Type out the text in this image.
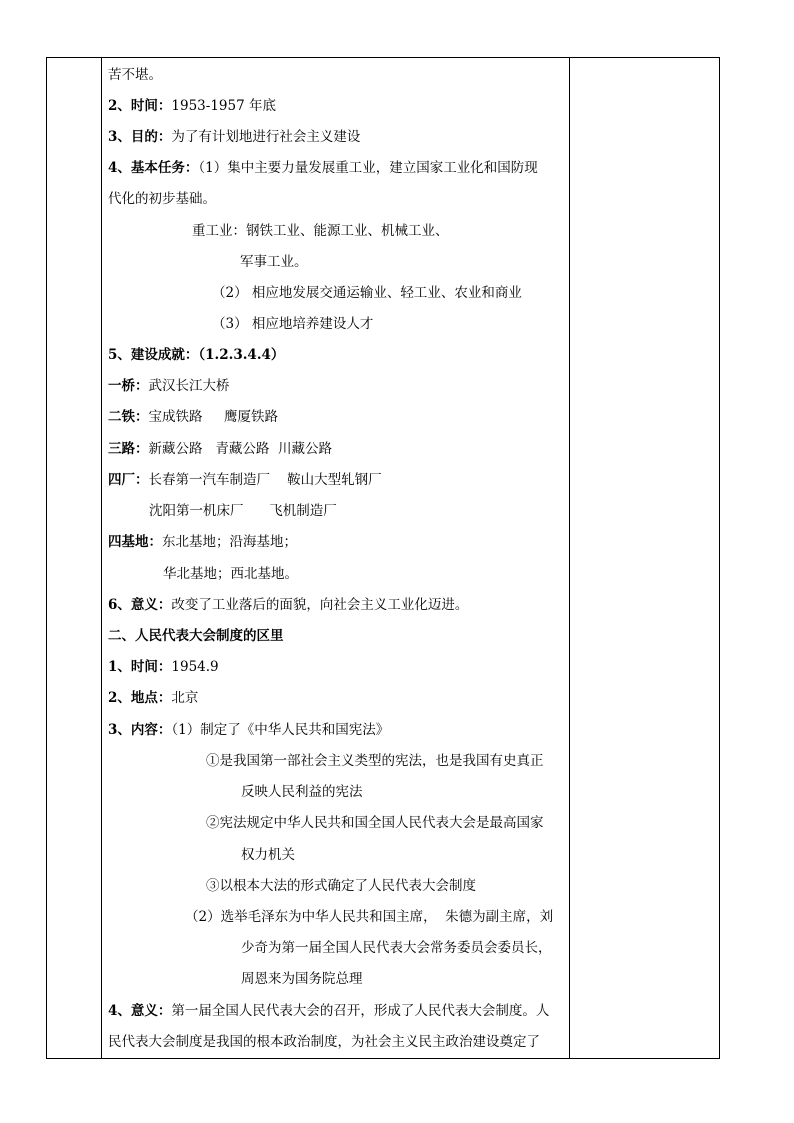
苦不堪。
2、时间：1953-1957 年底
3、目的：为了有计划地进行社会主义建设
4、基本任务：（1）集中主要力量发展重工业，建立国家工业化和国防现
代化的初步基础。
重工业：钢铁工业、能源工业、机械工业、
军事工业。
（2） 相应地发展交通运输业、轻工业、农业和商业
（3） 相应地培养建设人才
5、建设成就：（1.2.3.4.4）
一桥：武汉长江大桥
二铁：宝成铁路     鹰厦铁路
三路：新藏公路   青藏公路  川藏公路
四厂：长春第一汽车制造厂    鞍山大型轧钢厂
沈阳第一机床厂      飞机制造厂
四基地：东北基地；沿海基地；
华北基地；西北基地。
6、意义：改变了工业落后的面貌，向社会主义工业化迈进。
二、人民代表大会制度的区里
1、时间：1954.9
2、地点：北京
3、内容：（1）制定了《中华人民共和国宪法》
①是我国第一部社会主义类型的宪法，也是我国有史真正
反映人民利益的宪法
②宪法规定中华人民共和国全国人民代表大会是最高国家
权力机关
③以根本大法的形式确定了人民代表大会制度
（2）选举毛泽东为中华人民共和国主席，  朱德为副主席，刘
少奇为第一届全国人民代表大会常务委员会委员长，
周恩来为国务院总理
4、意义：第一届全国人民代表大会的召开，形成了人民代表大会制度。人
民代表大会制度是我国的根本政治制度，为社会主义民主政治建设奠定了
